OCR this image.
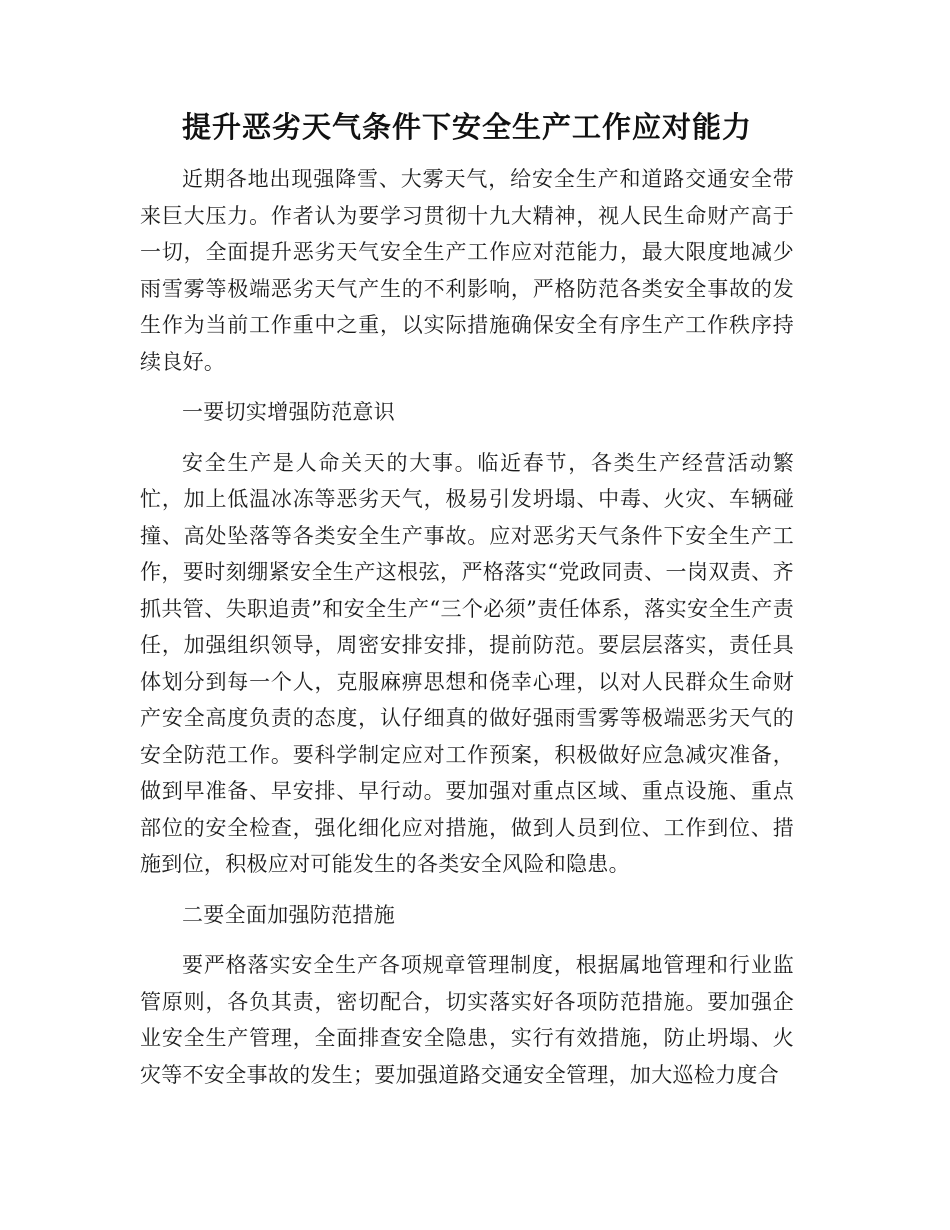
提升恶劣天气条件下安全生产工作应对能力

近期各地出现强降雪、大雾天气，给安全生产和道路交通安全带来巨大压力。作者认为要学习贯彻十九大精神，视人民生命财产高于一切，全面提升恶劣天气安全生产工作应对范能力，最大限度地减少雨雪雾等极端恶劣天气产生的不利影响，严格防范各类安全事故的发生作为当前工作重中之重，以实际措施确保安全有序生产工作秩序持续良好。

一要切实增强防范意识

安全生产是人命关天的大事。临近春节，各类生产经营活动繁忙，加上低温冰冻等恶劣天气，极易引发坍塌、中毒、火灾、车辆碰撞、高处坠落等各类安全生产事故。应对恶劣天气条件下安全生产工作，要时刻绷紧安全生产这根弦，严格落实“党政同责、一岗双责、齐抓共管、失职追责”和安全生产“三个必须”责任体系，落实安全生产责任，加强组织领导，周密安排安排，提前防范。要层层落实，责任具体划分到每一个人，克服麻痹思想和侥幸心理，以对人民群众生命财产安全高度负责的态度，认仔细真的做好强雨雪雾等极端恶劣天气的安全防范工作。要科学制定应对工作预案，积极做好应急减灾准备，做到早准备、早安排、早行动。要加强对重点区域、重点设施、重点部位的安全检查，强化细化应对措施，做到人员到位、工作到位、措施到位，积极应对可能发生的各类安全风险和隐患。

二要全面加强防范措施

要严格落实安全生产各项规章管理制度，根据属地管理和行业监管原则，各负其责，密切配合，切实落实好各项防范措施。要加强企业安全生产管理，全面排查安全隐患，实行有效措施，防止坍塌、火灾等不安全事故的发生；要加强道路交通安全管理，加大巡检力度合
